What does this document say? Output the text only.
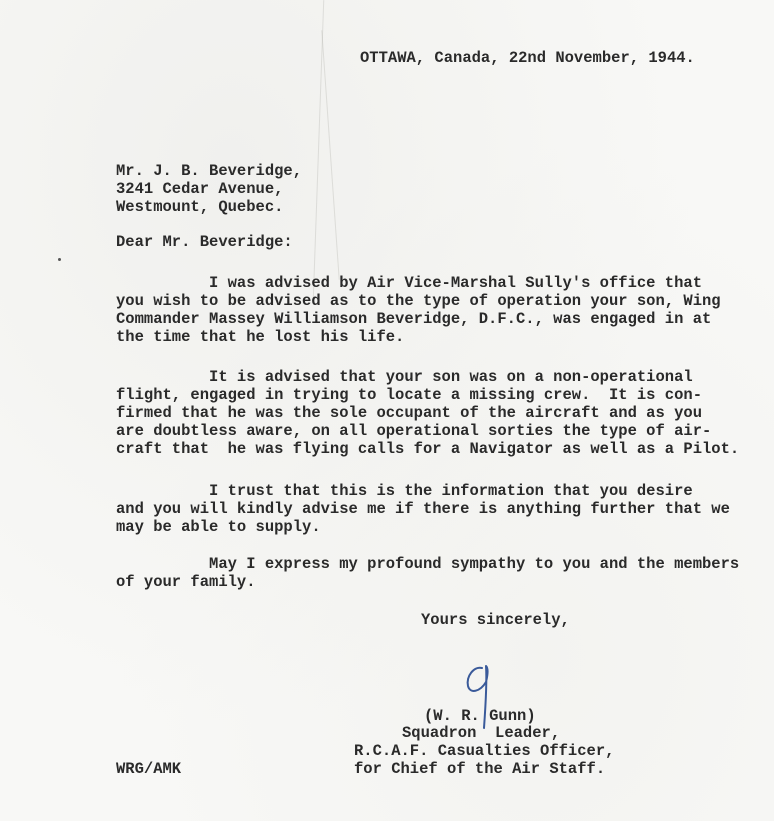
OTTAWA, Canada, 22nd November, 1944.
Mr. J. B. Beveridge,
3241 Cedar Avenue,
Westmount, Quebec.
Dear Mr. Beveridge:
I was advised by Air Vice-Marshal Sully's office that
you wish to be advised as to the type of operation your son, Wing
Commander Massey Williamson Beveridge, D.F.C., was engaged in at
the time that he lost his life.
It is advised that your son was on a non-operational
flight, engaged in trying to locate a missing crew.  It is con-
firmed that he was the sole occupant of the aircraft and as you
are doubtless aware, on all operational sorties the type of air-
craft that  he was flying calls for a Navigator as well as a Pilot.
I trust that this is the information that you desire
and you will kindly advise me if there is anything further that we
may be able to supply.
May I express my profound sympathy to you and the members
of your family.
Yours sincerely,
(W. R. Gunn)
Squadron  Leader,
R.C.A.F. Casualties Officer,
for Chief of the Air Staff.
WRG/AMK
